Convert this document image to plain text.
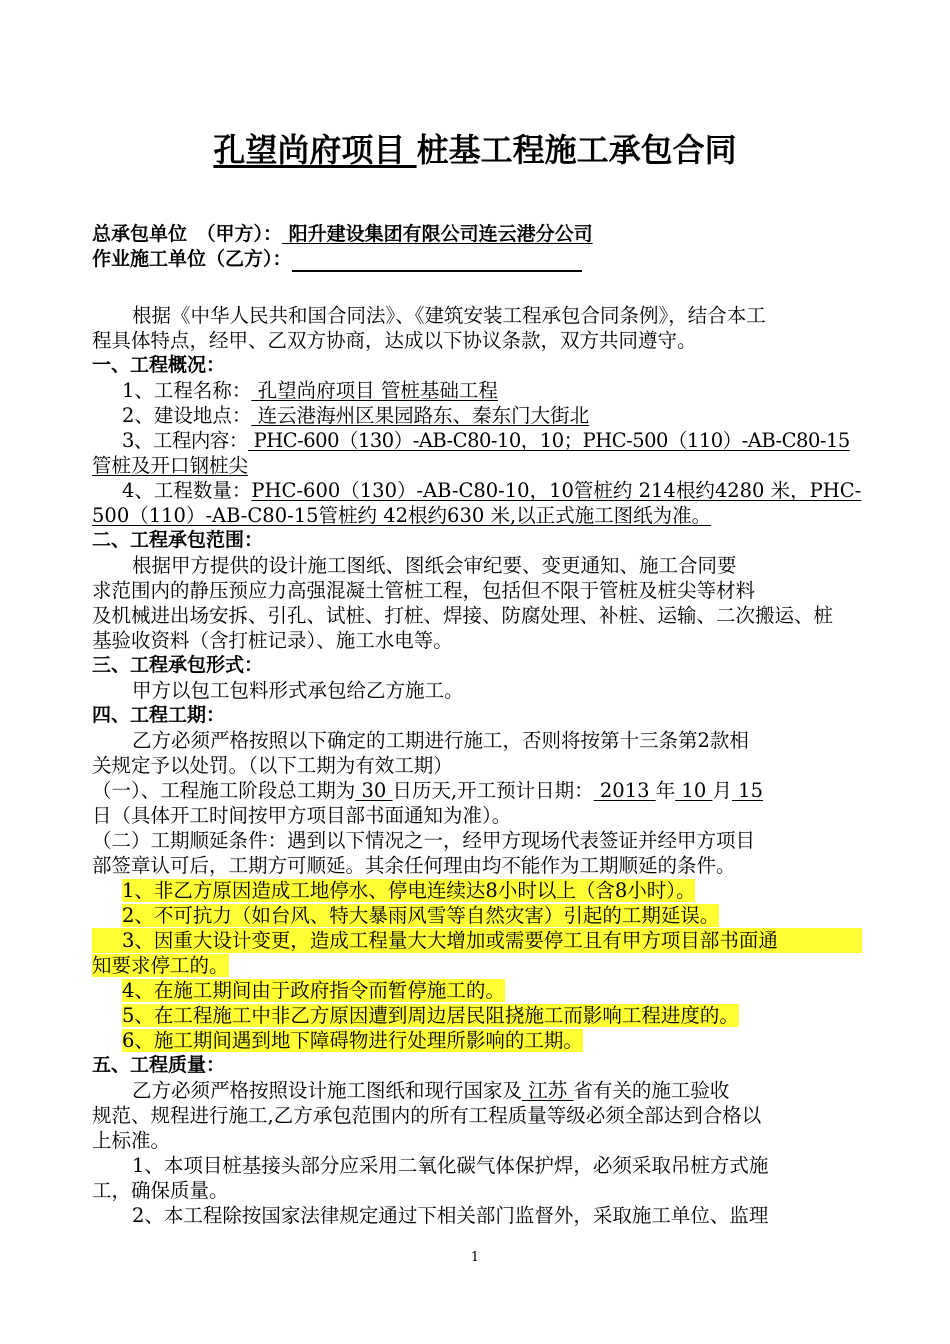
孔望尚府项目 桩基工程施工承包合同
总承包单位　（甲方）： 阳升建设集团有限公司连云港分公司
作业施工单位（乙方）：
根据《中华人民共和国合同法》、《建筑安装工程承包合同条例》，结合本工
程具体特点，经甲、乙双方协商，达成以下协议条款，双方共同遵守。
一、工程概况：
1、工程名称： 孔望尚府项目 管桩基础工程
2、建设地点： 连云港海州区果园路东、秦东门大街北
3、工程内容： PHC-600（130）-AB-C80-10，10；PHC-500（110）-AB-C80-15
管桩及开口钢桩尖
4、工程数量：PHC-600（130）-AB-C80-10，10管桩约 214根约4280 米，PHC-
500（110）-AB-C80-15管桩约 42根约630 米,以正式施工图纸为准。
二、工程承包范围：
根据甲方提供的设计施工图纸、图纸会审纪要、变更通知、施工合同要
求范围内的静压预应力高强混凝土管桩工程，包括但不限于管桩及桩尖等材料
及机械进出场安拆、引孔、试桩、打桩、焊接、防腐处理、补桩、运输、二次搬运、桩
基验收资料（含打桩记录）、施工水电等。
三、工程承包形式：
甲方以包工包料形式承包给乙方施工。
四、工程工期：
乙方必须严格按照以下确定的工期进行施工，否则将按第十三条第2款相
关规定予以处罚。（以下工期为有效工期）
（一）、工程施工阶段总工期为 30 日历天,开工预计日期： 2013 年 10 月 15
日（具体开工时间按甲方项目部书面通知为准）。
（二）工期顺延条件：遇到以下情况之一，经甲方现场代表签证并经甲方项目
部签章认可后，工期方可顺延。其余任何理由均不能作为工期顺延的条件。
1、非乙方原因造成工地停水、停电连续达8小时以上（含8小时）。
2、不可抗力（如台风、特大暴雨风雪等自然灾害）引起的工期延误。
3、因重大设计变更，造成工程量大大增加或需要停工且有甲方项目部书面通
知要求停工的。
4、在施工期间由于政府指令而暂停施工的。
5、在工程施工中非乙方原因遭到周边居民阻挠施工而影响工程进度的。
6、施工期间遇到地下障碍物进行处理所影响的工期。
五、工程质量：
乙方必须严格按照设计施工图纸和现行国家及 江苏 省有关的施工验收
规范、规程进行施工,乙方承包范围内的所有工程质量等级必须全部达到合格以
上标准。
1、本项目桩基接头部分应采用二氧化碳气体保护焊，必须采取吊桩方式施
工，确保质量。
2、本工程除按国家法律规定通过下相关部门监督外，采取施工单位、监理
1
